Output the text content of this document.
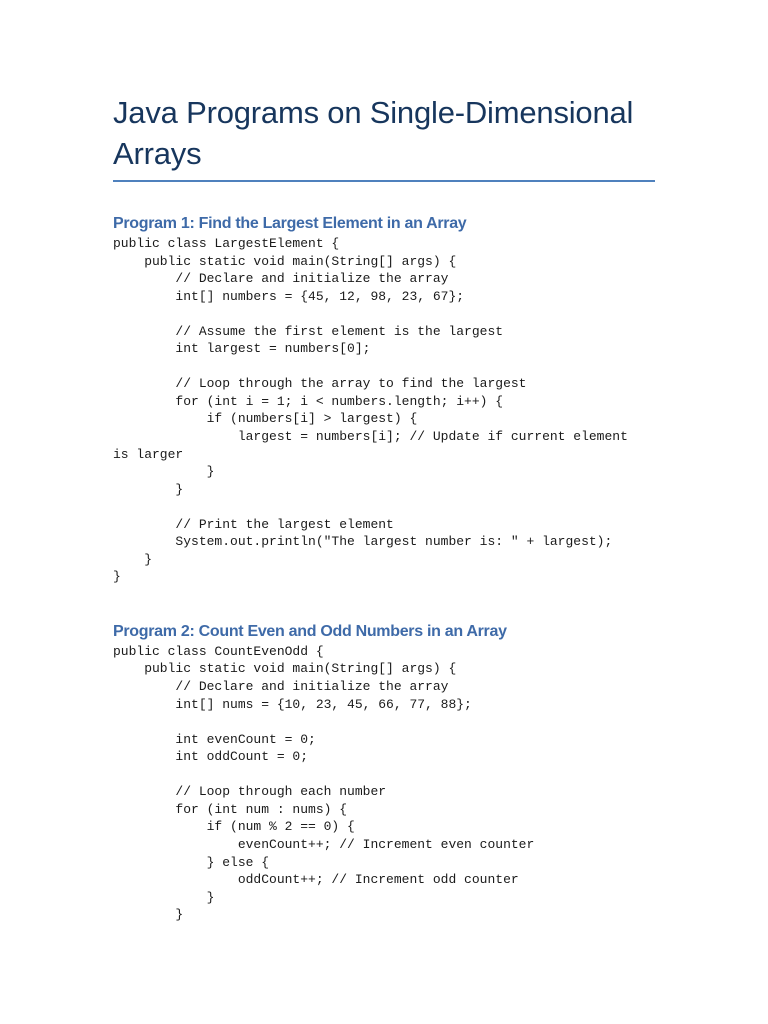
Java Programs on Single-Dimensional Arrays
Program 1: Find the Largest Element in an Array
public class LargestElement {
public static void main(String[] args) {
// Declare and initialize the array
int[] numbers = {45, 12, 98, 23, 67};

// Assume the first element is the largest
int largest = numbers[0];

// Loop through the array to find the largest
for (int i = 1; i < numbers.length; i++) {
if (numbers[i] > largest) {
largest = numbers[i]; // Update if current element
is larger
}
}

// Print the largest element
System.out.println("The largest number is: " + largest);
}
}
Program 2: Count Even and Odd Numbers in an Array
public class CountEvenOdd {
public static void main(String[] args) {
// Declare and initialize the array
int[] nums = {10, 23, 45, 66, 77, 88};

int evenCount = 0;
int oddCount = 0;

// Loop through each number
for (int num : nums) {
if (num % 2 == 0) {
evenCount++; // Increment even counter
} else {
oddCount++; // Increment odd counter
}
}
